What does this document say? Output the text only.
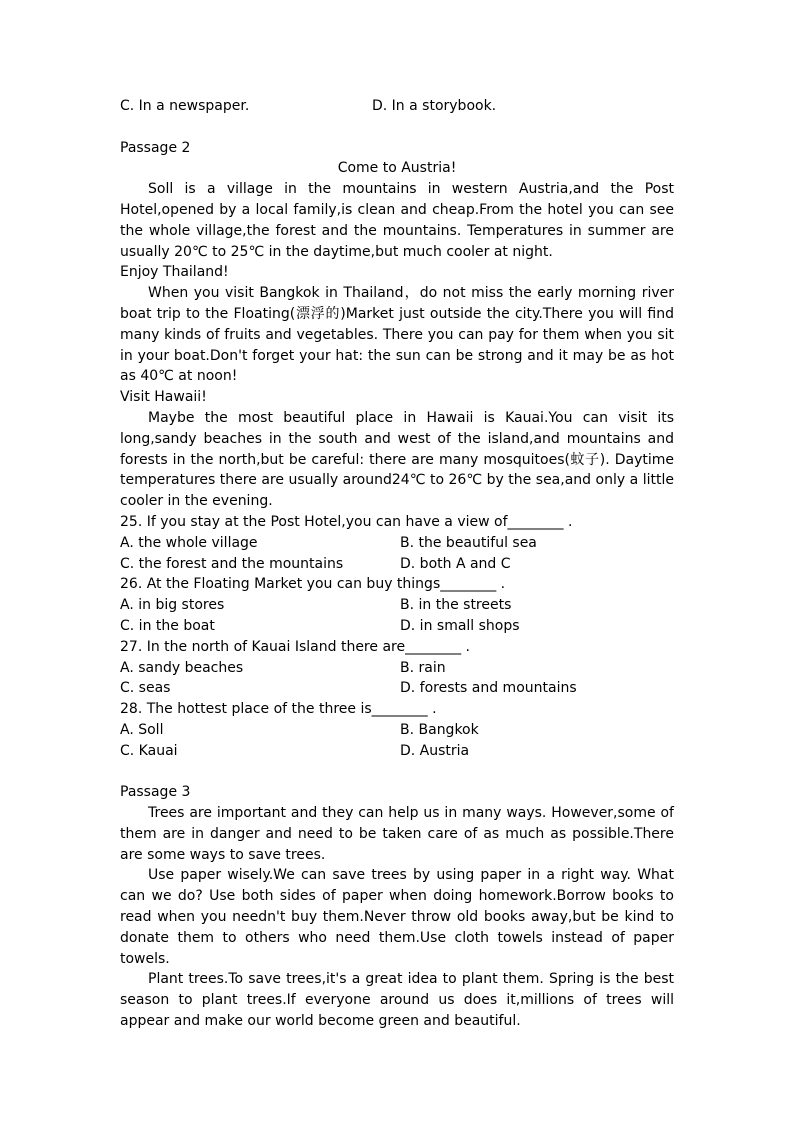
C. In a newspaper.	D. In a storybook.
Passage 2
Come to Austria!

Soll is a village in the mountains in western Austria,and the Post Hotel,opened by a local family,is clean and cheap.From the hotel you can see the whole village,the forest and the mountains. Temperatures in summer are usually 20℃ to 25℃ in the daytime,but much cooler at night.

Enjoy Thailand!

When you visit Bangkok in Thailand，do not miss the early morning river boat trip to the Floating(漂浮的)Market just outside the city.There you will find many kinds of fruits and vegetables. There you can pay for them when you sit in your boat.Don't forget your hat: the sun can be strong and it may be as hot as 40℃ at noon!

Visit Hawaii!

Maybe the most beautiful place in Hawaii is Kauai.You can visit its long,sandy beaches in the south and west of the island,and mountains and forests in the north,but be careful: there are many mosquitoes(蚊子). Daytime temperatures there are usually around24℃ to 26℃ by the sea,and only a little cooler in the evening.

25. If you stay at the Post Hotel,you can have a view of________ .
A. the whole village	B. the beautiful sea
C. the forest and the mountains	D. both A and C
26. At the Floating Market you can buy things________ .
A. in big stores	B. in the streets
C. in the boat	D. in small shops
27. In the north of Kauai Island there are________ .
A. sandy beaches	B. rain
C. seas	D. forests and mountains
28. The hottest place of the three is________ .
A. Soll	B. Bangkok
C. Kauai	D. Austria
Passage 3

Trees are important and they can help us in many ways. However,some of them are in danger and need to be taken care of as much as possible.There are some ways to save trees.

Use paper wisely.We can save trees by using paper in a right way. What can we do? Use both sides of paper when doing homework.Borrow books to read when you needn't buy them.Never throw old books away,but be kind to donate them to others who need them.Use cloth towels instead of paper towels.

Plant trees.To save trees,it's a great idea to plant them. Spring is the best season to plant trees.If everyone around us does it,millions of trees will appear and make our world become green and beautiful.
